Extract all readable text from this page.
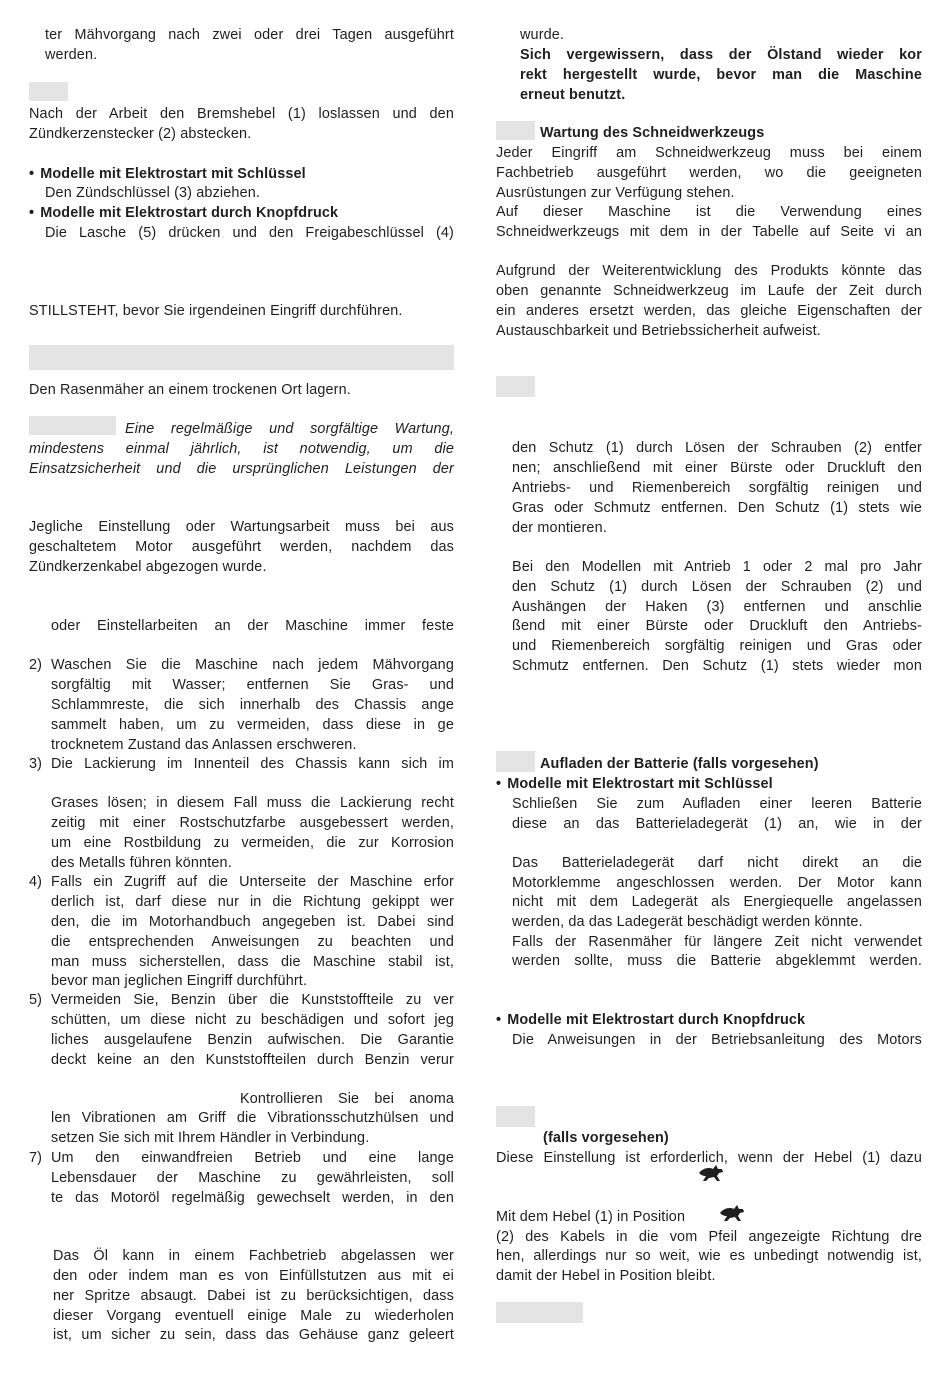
ter Mähvorgang nach zwei oder drei Tagen ausgeführt
werden.
Nach der Arbeit den Bremshebel (1) loslassen und den
Zündkerzenstecker (2) abstecken.
• Modelle mit Elektrostart mit Schlüssel
Den Zündschlüssel (3) abziehen.
• Modelle mit Elektrostart durch Knopfdruck
Die Lasche (5) drücken und den Freigabeschlüssel (4)
STILLSTEHT, bevor Sie irgendeinen Eingriff durchführen.
Den Rasenmäher an einem trockenen Ort lagern.
Eine regelmäßige und sorgfältige Wartung,
mindestens einmal jährlich, ist notwendig, um die
Einsatzsicherheit und die ursprünglichen Leistungen der
Jegliche Einstellung oder Wartungsarbeit muss bei aus
geschaltetem Motor ausgeführt werden, nachdem das
Zündkerzenkabel abgezogen wurde.
oder Einstellarbeiten an der Maschine immer feste
2) Waschen Sie die Maschine nach jedem Mähvorgang
sorgfältig mit Wasser; entfernen Sie Gras- und
Schlammreste, die sich innerhalb des Chassis ange
sammelt haben, um zu vermeiden, dass diese in ge
trocknetem Zustand das Anlassen erschweren.
3) Die Lackierung im Innenteil des Chassis kann sich im
Grases lösen; in diesem Fall muss die Lackierung recht
zeitig mit einer Rostschutzfarbe ausgebessert werden,
um eine Rostbildung zu vermeiden, die zur Korrosion
des Metalls führen könnten.
4) Falls ein Zugriff auf die Unterseite der Maschine erfor
derlich ist, darf diese nur in die Richtung gekippt wer
den, die im Motorhandbuch angegeben ist. Dabei sind
die entsprechenden Anweisungen zu beachten und
man muss sicherstellen, dass die Maschine stabil ist,
bevor man jeglichen Eingriff durchführt.
5) Vermeiden Sie, Benzin über die Kunststoffteile zu ver
schütten, um diese nicht zu beschädigen und sofort jeg
liches ausgelaufene Benzin aufwischen. Die Garantie
deckt keine an den Kunststoffteilen durch Benzin verur
Kontrollieren Sie bei anoma
len Vibrationen am Griff die Vibrationsschutzhülsen und
setzen Sie sich mit Ihrem Händler in Verbindung.
7) Um den einwandfreien Betrieb und eine lange
Lebensdauer der Maschine zu gewährleisten, soll
te das Motoröl regelmäßig gewechselt werden, in den
Das Öl kann in einem Fachbetrieb abgelassen wer
den oder indem man es von Einfüllstutzen aus mit ei
ner Spritze absaugt. Dabei ist zu berücksichtigen, dass
dieser Vorgang eventuell einige Male zu wiederholen
ist, um sicher zu sein, dass das Gehäuse ganz geleert
wurde.
Sich vergewissern, dass der Ölstand wieder kor
rekt hergestellt wurde, bevor man die Maschine
erneut benutzt.
Wartung des Schneidwerkzeugs
Jeder Eingriff am Schneidwerkzeug muss bei einem
Fachbetrieb ausgeführt werden, wo die geeigneten
Ausrüstungen zur Verfügung stehen.
Auf dieser Maschine ist die Verwendung eines
Schneidwerkzeugs mit dem in der Tabelle auf Seite vi an
Aufgrund der Weiterentwicklung des Produkts könnte das
oben genannte Schneidwerkzeug im Laufe der Zeit durch
ein anderes ersetzt werden, das gleiche Eigenschaften der
Austauschbarkeit und Betriebssicherheit aufweist.
den Schutz (1) durch Lösen der Schrauben (2) entfer
nen; anschließend mit einer Bürste oder Druckluft den
Antriebs- und Riemenbereich sorgfältig reinigen und
Gras oder Schmutz entfernen. Den Schutz (1) stets wie
der montieren.
Bei den Modellen mit Antrieb 1 oder 2 mal pro Jahr
den Schutz (1) durch Lösen der Schrauben (2) und
Aushängen der Haken (3) entfernen und anschlie
ßend mit einer Bürste oder Druckluft den Antriebs-
und Riemenbereich sorgfältig reinigen und Gras oder
Schmutz entfernen. Den Schutz (1) stets wieder mon
Aufladen der Batterie (falls vorgesehen)
• Modelle mit Elektrostart mit Schlüssel
Schließen Sie zum Aufladen einer leeren Batterie
diese an das Batterieladegerät (1) an, wie in der
Das Batterieladegerät darf nicht direkt an die
Motorklemme angeschlossen werden. Der Motor kann
nicht mit dem Ladegerät als Energiequelle angelassen
werden, da das Ladegerät beschädigt werden könnte.
Falls der Rasenmäher für längere Zeit nicht verwendet
werden sollte, muss die Batterie abgeklemmt werden.
• Modelle mit Elektrostart durch Knopfdruck
Die Anweisungen in der Betriebsanleitung des Motors
(falls vorgesehen)
Diese Einstellung ist erforderlich, wenn der Hebel (1) dazu
Mit dem Hebel (1) in Position
(2) des Kabels in die vom Pfeil angezeigte Richtung dre
hen, allerdings nur so weit, wie es unbedingt notwendig ist,
damit der Hebel in Position bleibt.
